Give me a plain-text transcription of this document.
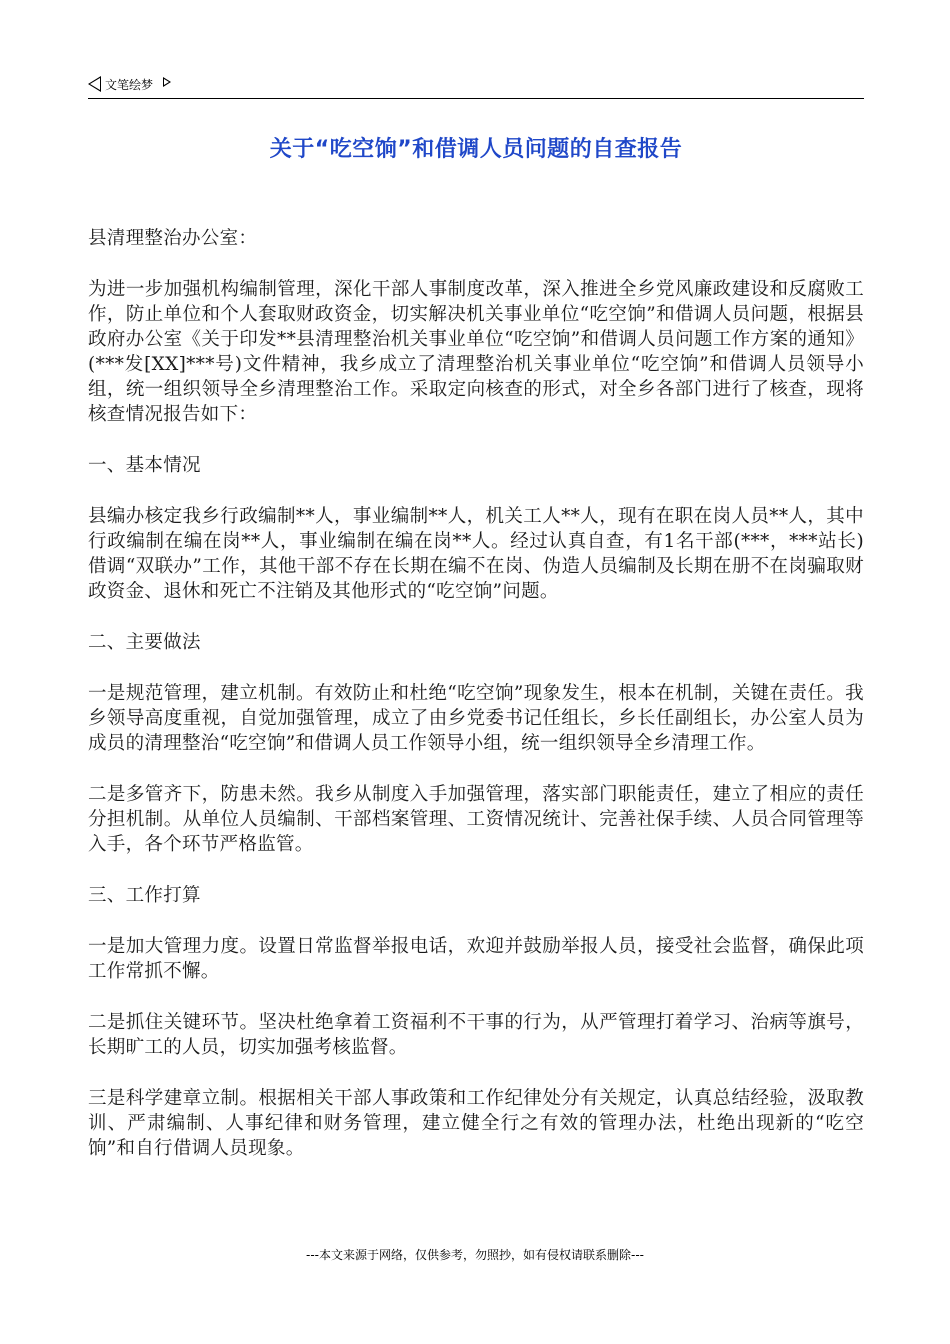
文笔绘梦
关于“吃空饷”和借调人员问题的自查报告

县清理整治办公室：

为进一步加强机构编制管理，深化干部人事制度改革，深入推进全乡党风廉政建设和反腐败工作，防止单位和个人套取财政资金，切实解决机关事业单位“吃空饷”和借调人员问题，根据县政府办公室《关于印发**县清理整治机关事业单位“吃空饷”和借调人员问题工作方案的通知》(***发[XX]***号)文件精神，我乡成立了清理整治机关事业单位“吃空饷”和借调人员领导小组，统一组织领导全乡清理整治工作。采取定向核查的形式，对全乡各部门进行了核查，现将核查情况报告如下：

一、基本情况

县编办核定我乡行政编制**人，事业编制**人，机关工人**人，现有在职在岗人员**人，其中行政编制在编在岗**人，事业编制在编在岗**人。经过认真自查，有1名干部(***，***站长)借调“双联办”工作，其他干部不存在长期在编不在岗、伪造人员编制及长期在册不在岗骗取财政资金、退休和死亡不注销及其他形式的“吃空饷”问题。

二、主要做法

一是规范管理，建立机制。有效防止和杜绝“吃空饷”现象发生，根本在机制，关键在责任。我乡领导高度重视，自觉加强管理，成立了由乡党委书记任组长，乡长任副组长，办公室人员为成员的清理整治“吃空饷”和借调人员工作领导小组，统一组织领导全乡清理工作。

二是多管齐下，防患未然。我乡从制度入手加强管理，落实部门职能责任，建立了相应的责任分担机制。从单位人员编制、干部档案管理、工资情况统计、完善社保手续、人员合同管理等入手，各个环节严格监管。

三、工作打算

一是加大管理力度。设置日常监督举报电话，欢迎并鼓励举报人员，接受社会监督，确保此项工作常抓不懈。

二是抓住关键环节。坚决杜绝拿着工资福利不干事的行为，从严管理打着学习、治病等旗号，长期旷工的人员，切实加强考核监督。

三是科学建章立制。根据相关干部人事政策和工作纪律处分有关规定，认真总结经验，汲取教训、严肃编制、人事纪律和财务管理，建立健全行之有效的管理办法，杜绝出现新的“吃空饷”和自行借调人员现象。

---本文来源于网络，仅供参考，勿照抄，如有侵权请联系删除---
